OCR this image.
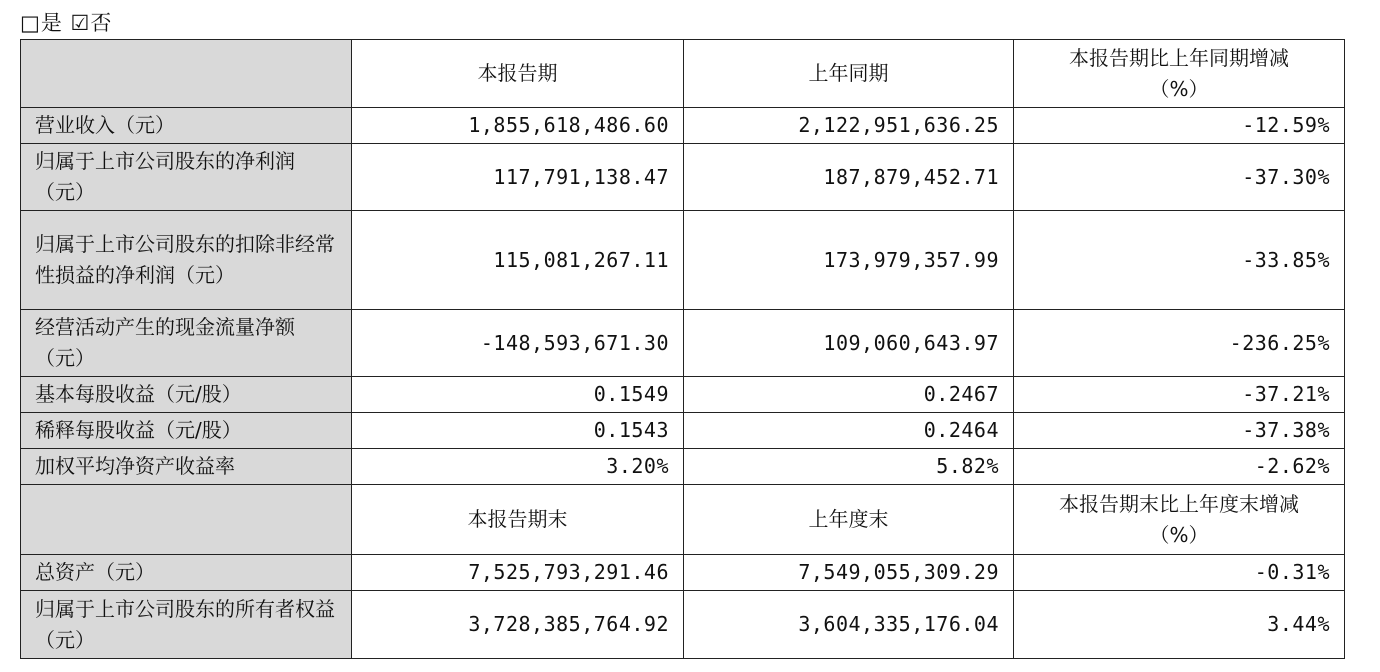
□是 ☑否
	本报告期	上年同期	本报告期比上年同期增减
（%）

营业收入（元）	1,855,618,486.60	2,122,951,636.25	-12.59%
归属于上市公司股东的净利润（元）	117,791,138.47	187,879,452.71	-37.30%
归属于上市公司股东的扣除非经常性损益的净利润（元）	115,081,267.11	173,979,357.99	-33.85%
经营活动产生的现金流量净额（元）	-148,593,671.30	109,060,643.97	-236.25%
基本每股收益（元/股）	0.1549	0.2467	-37.21%
稀释每股收益（元/股）	0.1543	0.2464	-37.38%
加权平均净资产收益率	3.20%	5.82%	-2.62%
	本报告期末	上年度末	本报告期末比上年度末增减
（%）

总资产（元）	7,525,793,291.46	7,549,055,309.29	-0.31%
归属于上市公司股东的所有者权益（元）	3,728,385,764.92	3,604,335,176.04	3.44%
